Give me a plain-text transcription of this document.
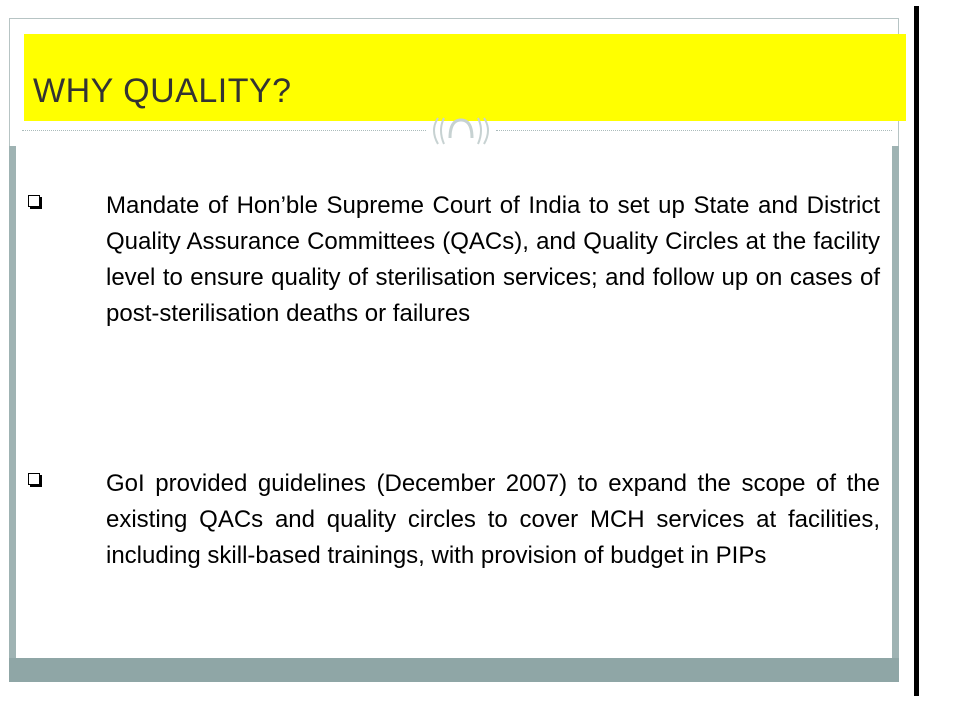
WHY QUALITY?
Mandate of Hon’ble Supreme Court of India to set up State and District Quality Assurance Committees (QACs), and Quality Circles at the facility level to ensure quality of sterilisation services; and follow up on cases of post-sterilisation deaths or failures
GoI provided guidelines (December 2007) to expand the scope of the existing QACs and quality circles to cover MCH services at facilities, including skill-based trainings, with provision of budget in PIPs
